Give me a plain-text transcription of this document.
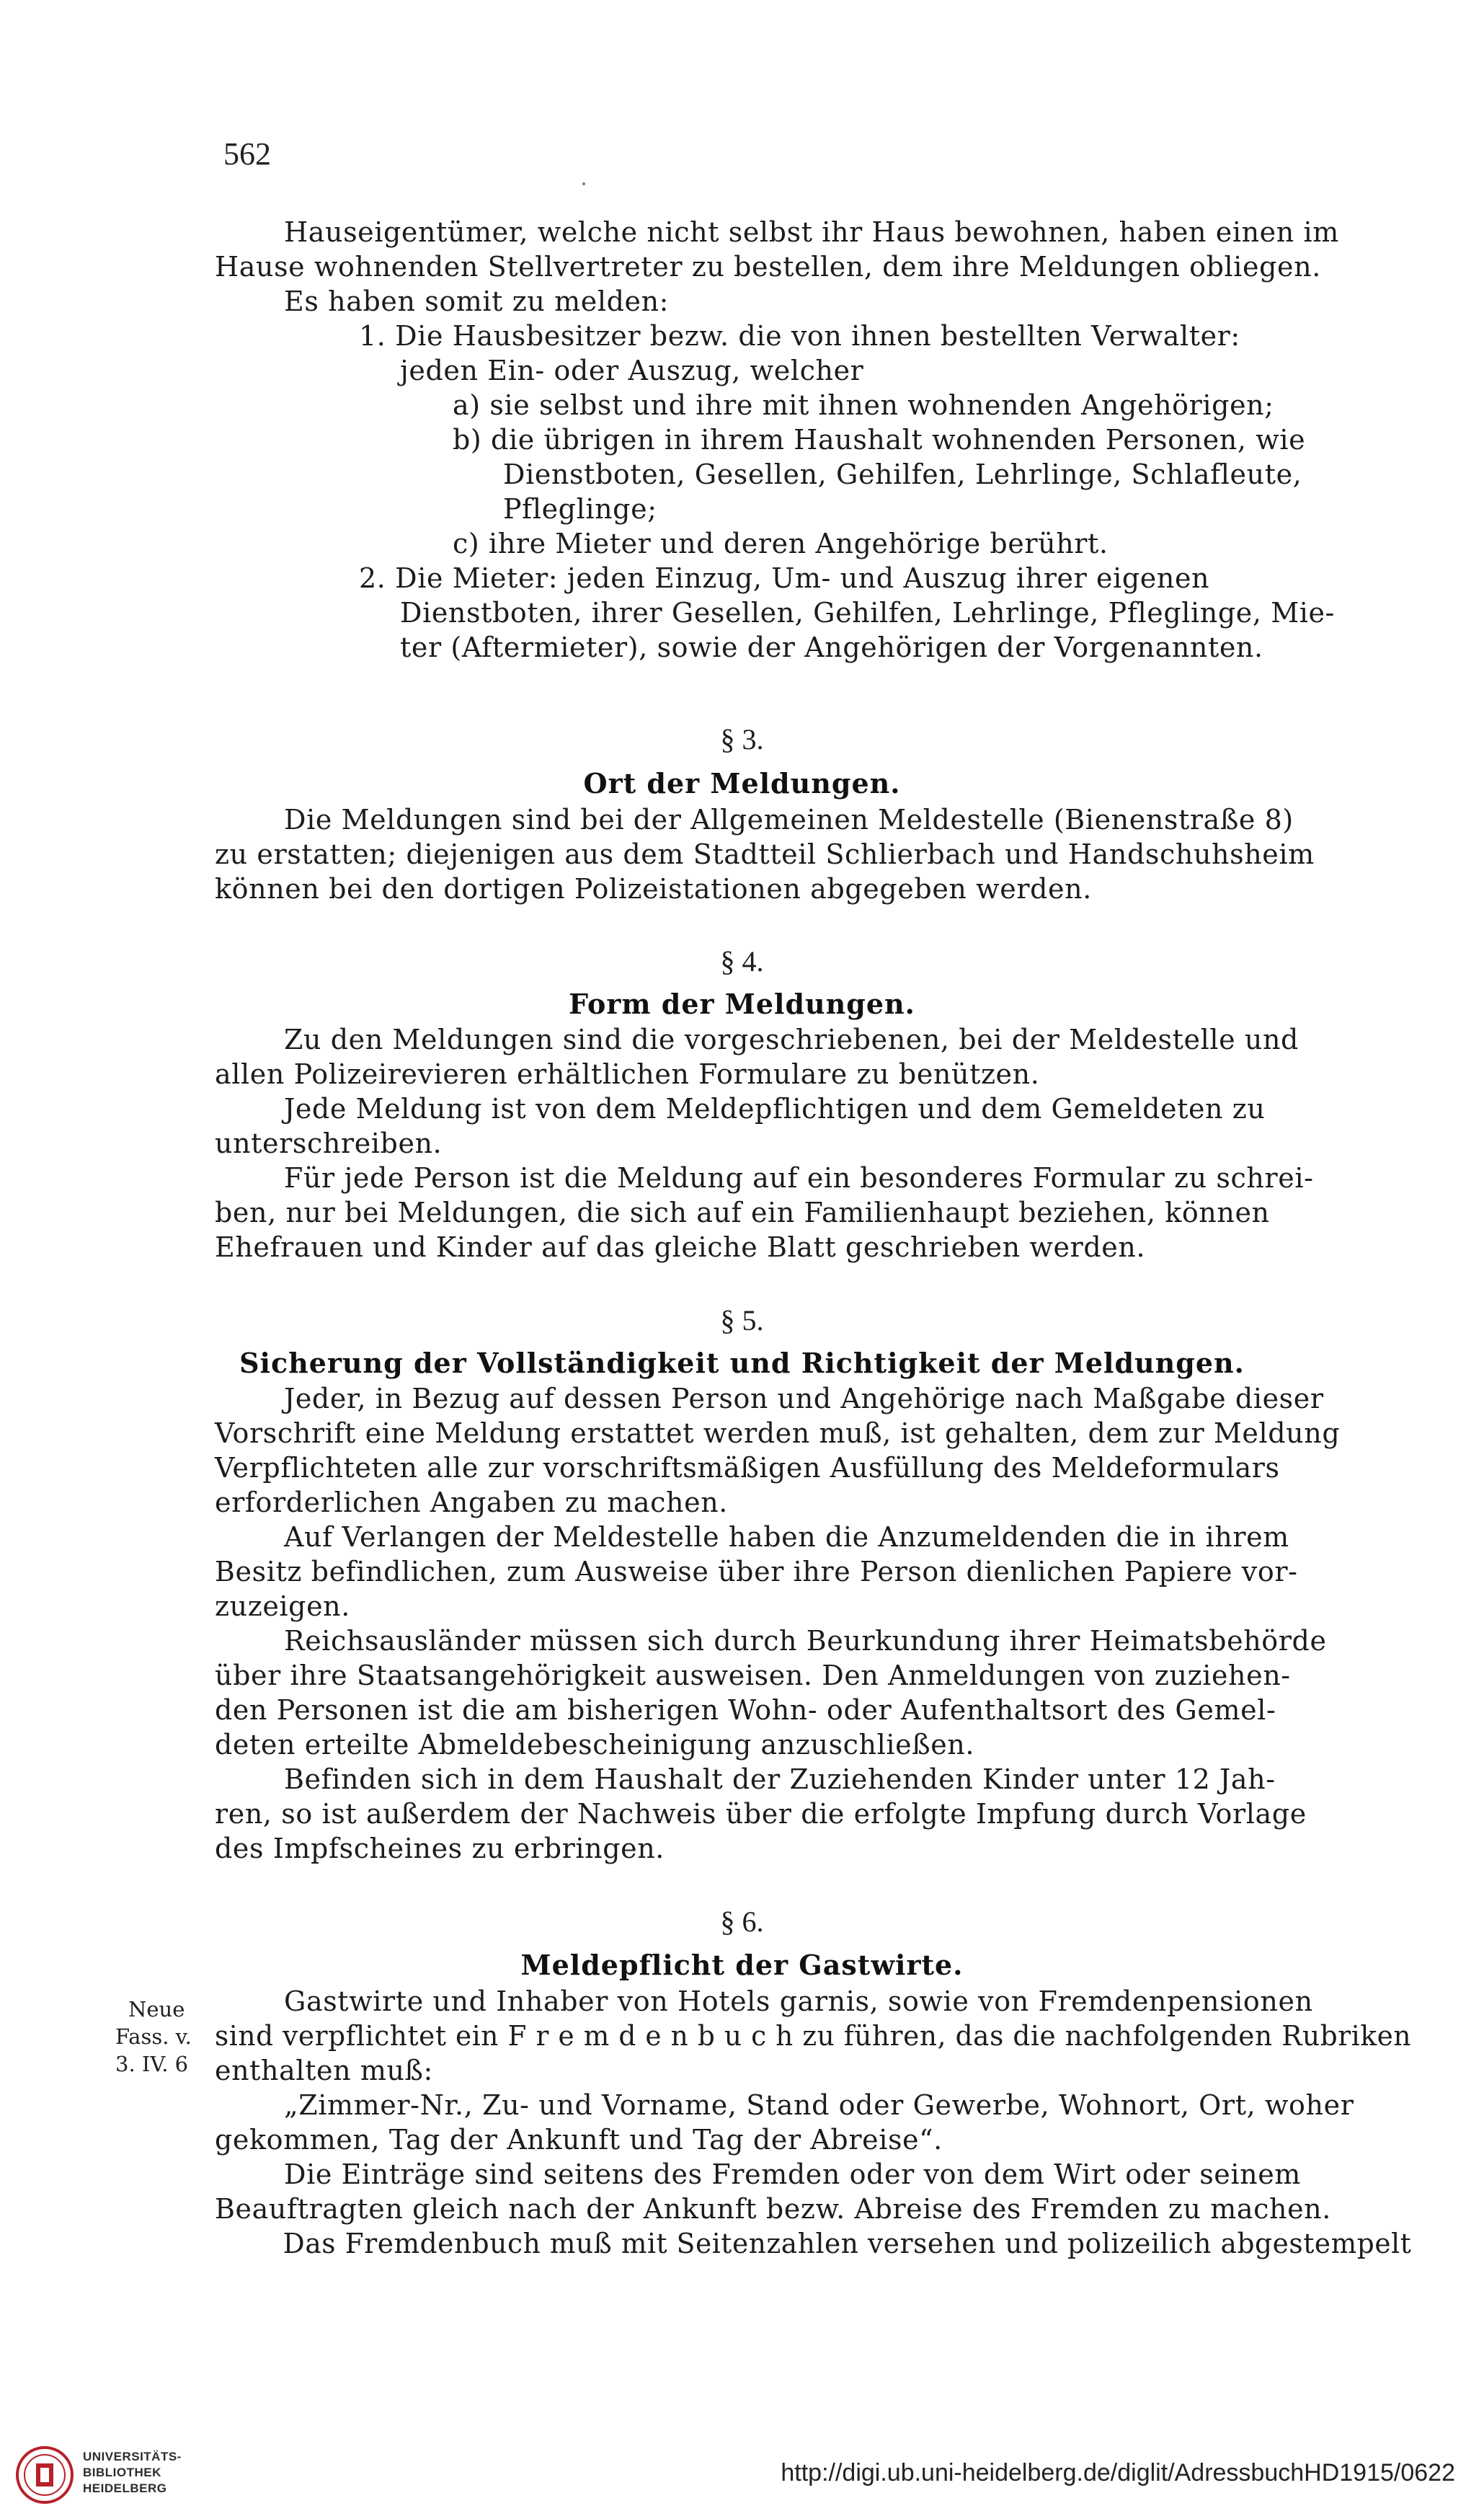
562
Hauseigentümer, welche nicht selbst ihr Haus bewohnen, haben einen im
Hause wohnenden Stellvertreter zu bestellen, dem ihre Meldungen obliegen.
Es haben somit zu melden:
1. Die Hausbesitzer bezw. die von ihnen bestellten Verwalter:
jeden Ein- oder Auszug, welcher
a) sie selbst und ihre mit ihnen wohnenden Angehörigen;
b) die übrigen in ihrem Haushalt wohnenden Personen, wie
Dienstboten, Gesellen, Gehilfen, Lehrlinge, Schlafleute,
Pfleglinge;
c) ihre Mieter und deren Angehörige berührt.
2. Die Mieter: jeden Einzug, Um- und Auszug ihrer eigenen
Dienstboten, ihrer Gesellen, Gehilfen, Lehrlinge, Pfleglinge, Mie-
ter (Aftermieter), sowie der Angehörigen der Vorgenannten.
§ 3.
Ort der Meldungen.
Die Meldungen sind bei der Allgemeinen Meldestelle (Bienenstraße 8)
zu erstatten; diejenigen aus dem Stadtteil Schlierbach und Handschuhsheim
können bei den dortigen Polizeistationen abgegeben werden.
§ 4.
Form der Meldungen.
Zu den Meldungen sind die vorgeschriebenen, bei der Meldestelle und
allen Polizeirevieren erhältlichen Formulare zu benützen.
Jede Meldung ist von dem Meldepflichtigen und dem Gemeldeten zu
unterschreiben.
Für jede Person ist die Meldung auf ein besonderes Formular zu schrei-
ben, nur bei Meldungen, die sich auf ein Familienhaupt beziehen, können
Ehefrauen und Kinder auf das gleiche Blatt geschrieben werden.
§ 5.
Sicherung der Vollständigkeit und Richtigkeit der Meldungen.
Jeder, in Bezug auf dessen Person und Angehörige nach Maßgabe dieser
Vorschrift eine Meldung erstattet werden muß, ist gehalten, dem zur Meldung
Verpflichteten alle zur vorschriftsmäßigen Ausfüllung des Meldeformulars
erforderlichen Angaben zu machen.
Auf Verlangen der Meldestelle haben die Anzumeldenden die in ihrem
Besitz befindlichen, zum Ausweise über ihre Person dienlichen Papiere vor-
zuzeigen.
Reichsausländer müssen sich durch Beurkundung ihrer Heimatsbehörde
über ihre Staatsangehörigkeit ausweisen. Den Anmeldungen von zuziehen-
den Personen ist die am bisherigen Wohn- oder Aufenthaltsort des Gemel-
deten erteilte Abmeldebescheinigung anzuschließen.
Befinden sich in dem Haushalt der Zuziehenden Kinder unter 12 Jah-
ren, so ist außerdem der Nachweis über die erfolgte Impfung durch Vorlage
des Impfscheines zu erbringen.
§ 6.
Meldepflicht der Gastwirte.
Gastwirte und Inhaber von Hotels garnis, sowie von Fremdenpensionen
sind verpflichtet ein F r e m d e n b u c h zu führen, das die nachfolgenden Rubriken
enthalten muß:
„Zimmer-Nr., Zu- und Vorname, Stand oder Gewerbe, Wohnort, Ort, woher
gekommen, Tag der Ankunft und Tag der Abreise“.
Die Einträge sind seitens des Fremden oder von dem Wirt oder seinem
Beauftragten gleich nach der Ankunft bezw. Abreise des Fremden zu machen.
Das Fremdenbuch muß mit Seitenzahlen versehen und polizeilich abgestempelt
Neue
Fass. v.
3. IV. 6
UNIVERSITÄTS-
BIBLIOTHEK
HEIDELBERG
http://digi.ub.uni-heidelberg.de/diglit/AdressbuchHD1915/0622
